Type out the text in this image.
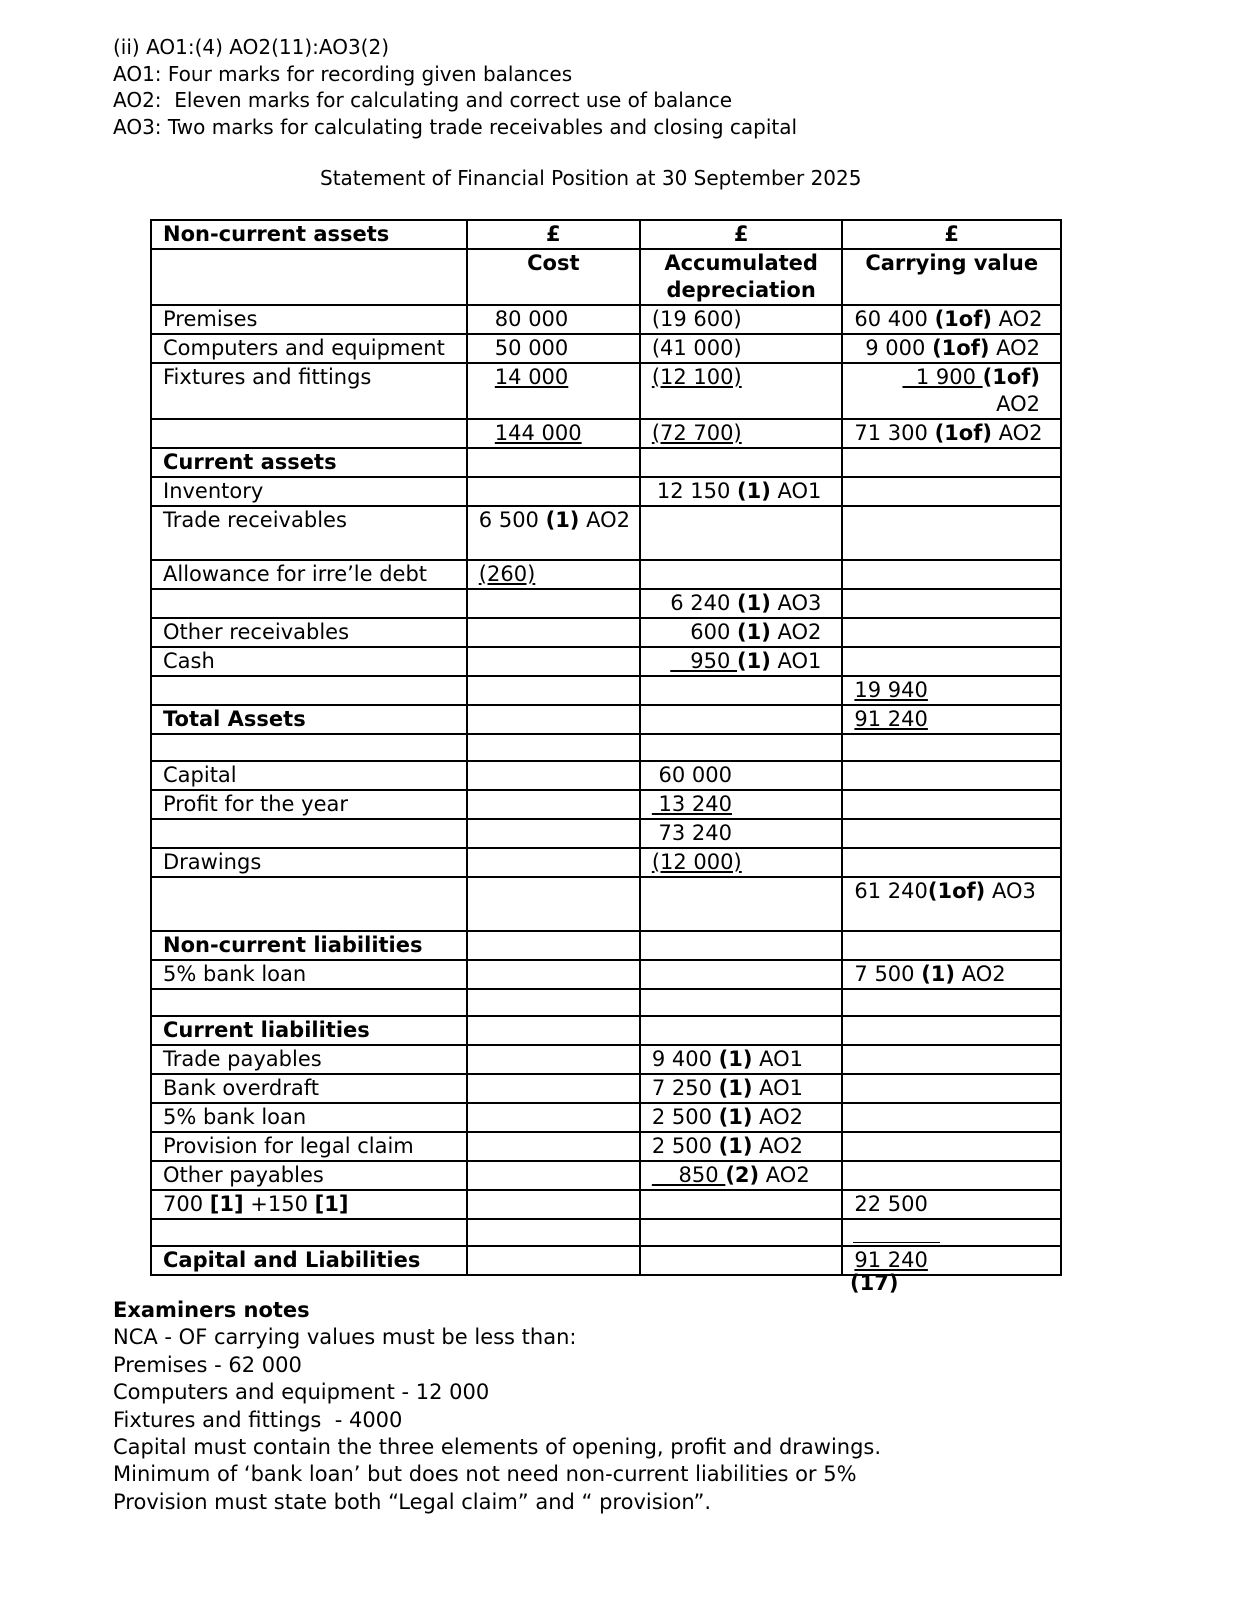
(ii) AO1:(4) AO2(11):AO3(2)
AO1: Four marks for recording given balances
AO2:  Eleven marks for calculating and correct use of balance
AO3: Two marks for calculating trade receivables and closing capital
Statement of Financial Position at 30 September 2025
Non-current assets	£	£	£
	Cost	Accumulated depreciation	Carrying value
Premises	80 000	(19 600)	60 400 (1of) AO2
Computers and equipment	50 000	(41 000)	9 000 (1of) AO2
Fixtures and fittings	14 000	(12 100)	1 900 (1of) AO2
	144 000	(72 700)	71 300 (1of) AO2
Current assets			
Inventory		12 150 (1) AO1	
Trade receivables	6 500 (1) AO2		
Allowance for irre’le debt	(260)		
		6 240 (1) AO3	
Other receivables		600 (1) AO2	
Cash		950 (1) AO1	
			19 940
Total Assets			91 240

Capital		60 000	
Profit for the year		13 240	
		73 240	
Drawings		(12 000)	
			61 240(1of) AO3
Non-current liabilities			
5% bank loan			7 500 (1) AO2

Current liabilities			
Trade payables		9 400 (1) AO1	
Bank overdraft		7 250 (1) AO1	
5% bank loan		2 500 (1) AO2	
Provision for legal claim		2 500 (1) AO2	
Other payables		850 (2) AO2	
700 [1] +150 [1]			22 500

Capital and Liabilities			91 240
(17)
Examiners notes
NCA - OF carrying values must be less than:
Premises - 62 000
Computers and equipment - 12 000
Fixtures and fittings  - 4000
Capital must contain the three elements of opening, profit and drawings.
Minimum of ‘bank loan’ but does not need non-current liabilities or 5%
Provision must state both “Legal claim” and “ provision”.
